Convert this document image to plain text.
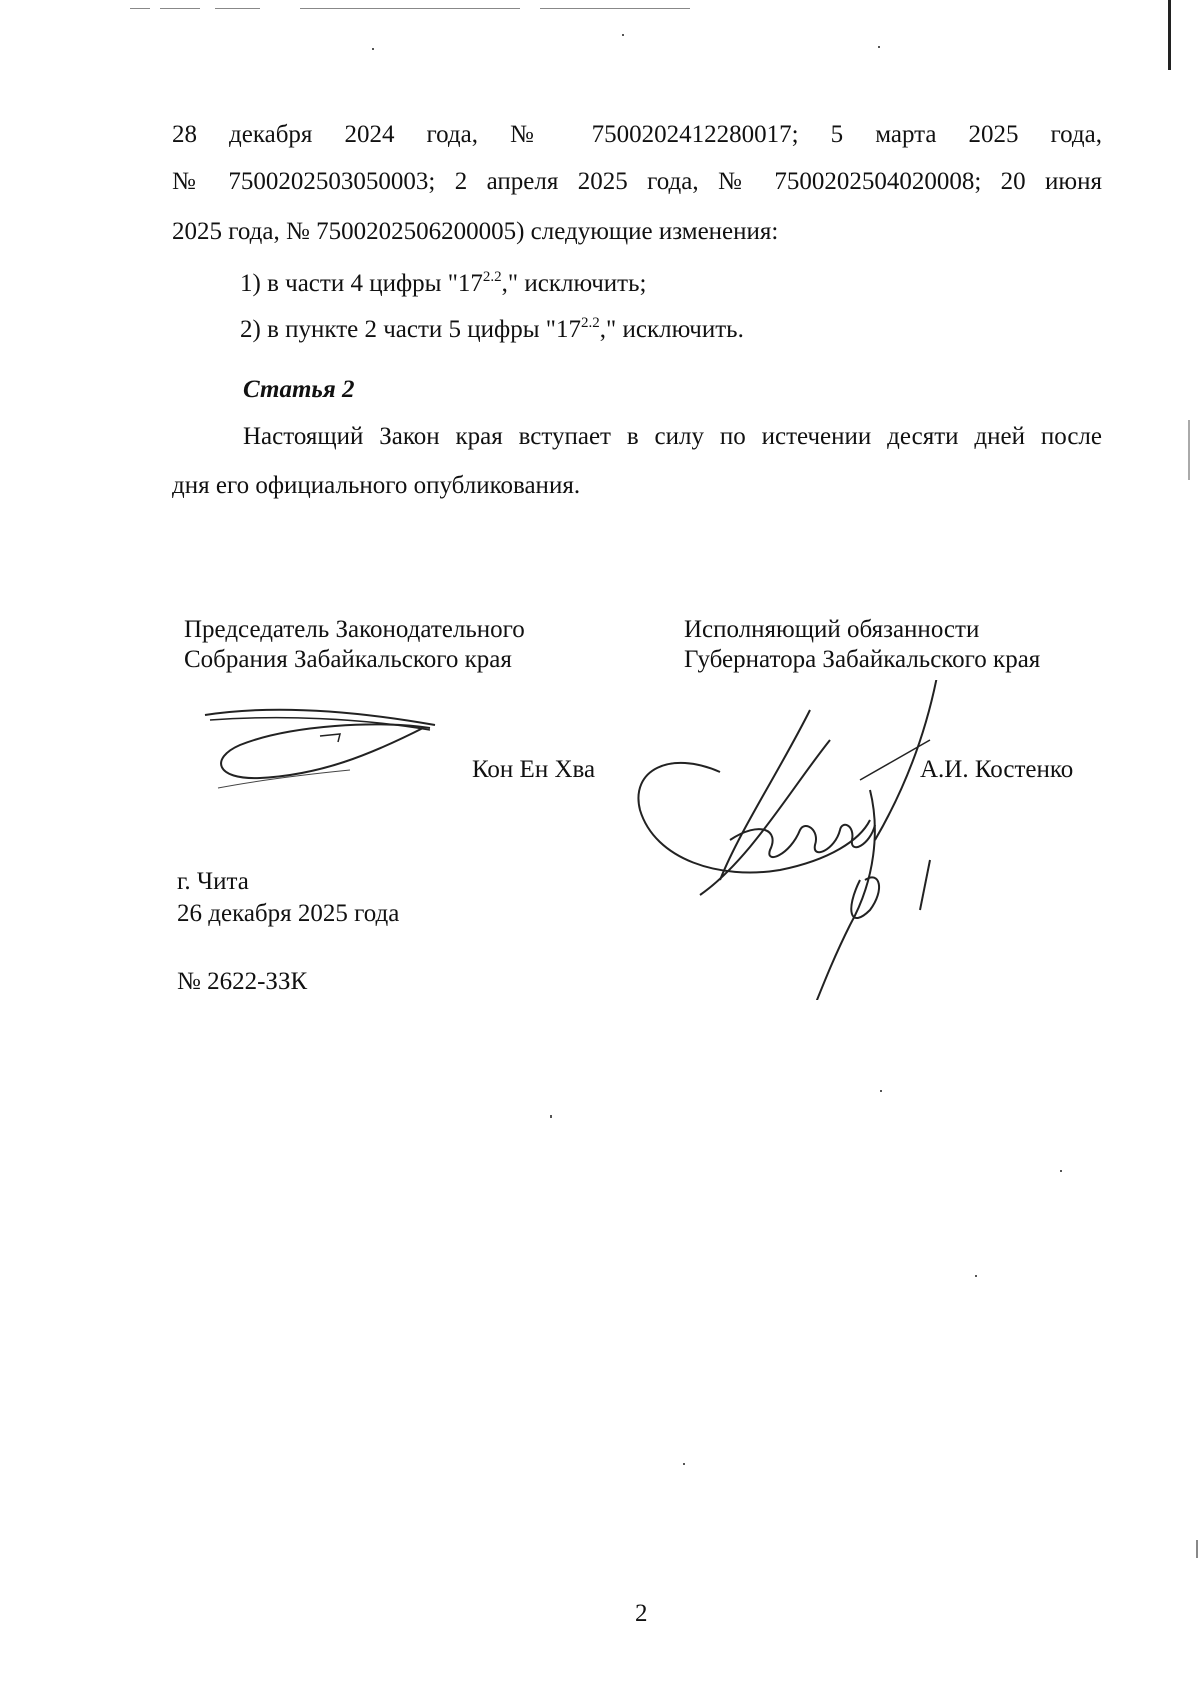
28 декабря 2024 года, № 7500202412280017; 5 марта 2025 года,
№ 7500202503050003; 2 апреля 2025 года, № 7500202504020008; 20 июня
2025 года, № 7500202506200005) следующие изменения:
1) в части 4 цифры "$17^{2.2}$," исключить;
2) в пункте 2 части 5 цифры "$17^{2.2}$," исключить.
Статья 2
Настоящий Закон края вступает в силу по истечении десяти дней после
дня его официального опубликования.
Председатель Законодательного
Собрания Забайкальского края
Кон Ен Хва
Исполняющий обязанности
Губернатора Забайкальского края
А.И. Костенко
г. Чита
26 декабря 2025 года
№ 2622-ЗЗК
2
